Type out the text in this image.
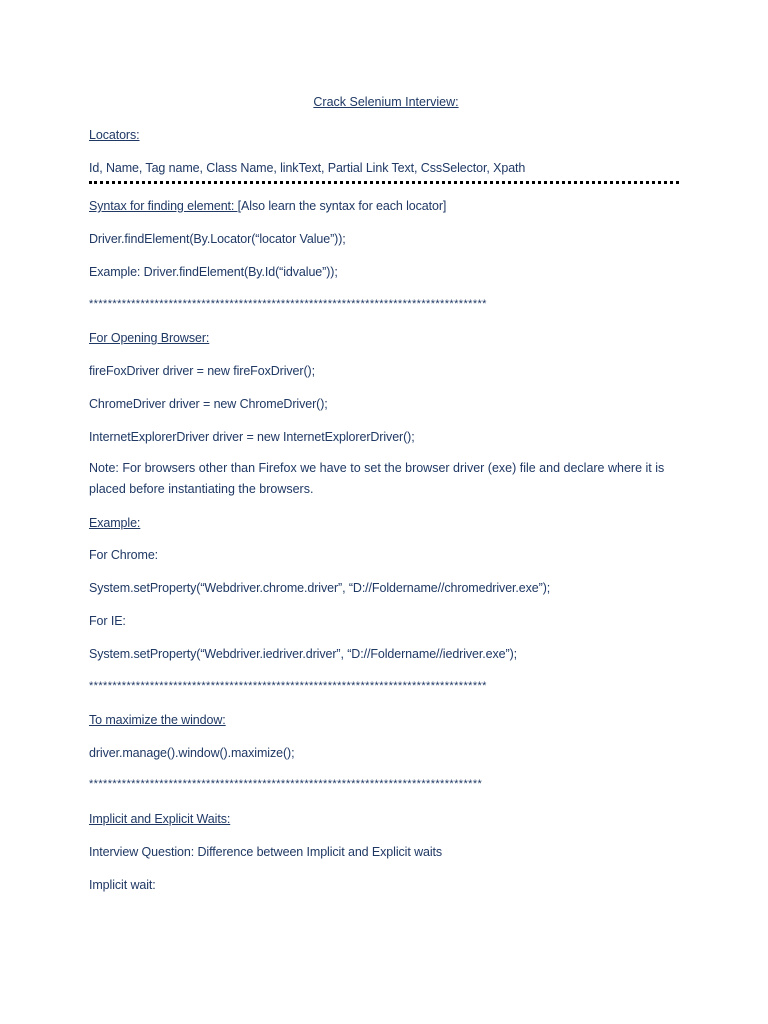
Crack Selenium Interview:
Locators:
Id, Name, Tag name, Class Name, linkText, Partial Link Text, CssSelector, Xpath
Syntax for finding element: [Also learn the syntax for each locator]
Driver.findElement(By.Locator(“locator Value”));
Example: Driver.findElement(By.Id(“idvalue”));
*************************************************************************************
For Opening Browser:
fireFoxDriver driver = new fireFoxDriver();
ChromeDriver driver = new ChromeDriver();
InternetExplorerDriver driver = new InternetExplorerDriver();
Note: For browsers other than Firefox we have to set the browser driver (exe) file and declare where it is placed before instantiating the browsers.
Example:
For Chrome:
System.setProperty(“Webdriver.chrome.driver”, “D://Foldername//chromedriver.exe”);
For IE:
System.setProperty(“Webdriver.iedriver.driver”, “D://Foldername//iedriver.exe”);
*************************************************************************************
To maximize the window:
driver.manage().window().maximize();
************************************************************************************
Implicit and Explicit Waits:
Interview Question: Difference between Implicit and Explicit waits
Implicit wait:
